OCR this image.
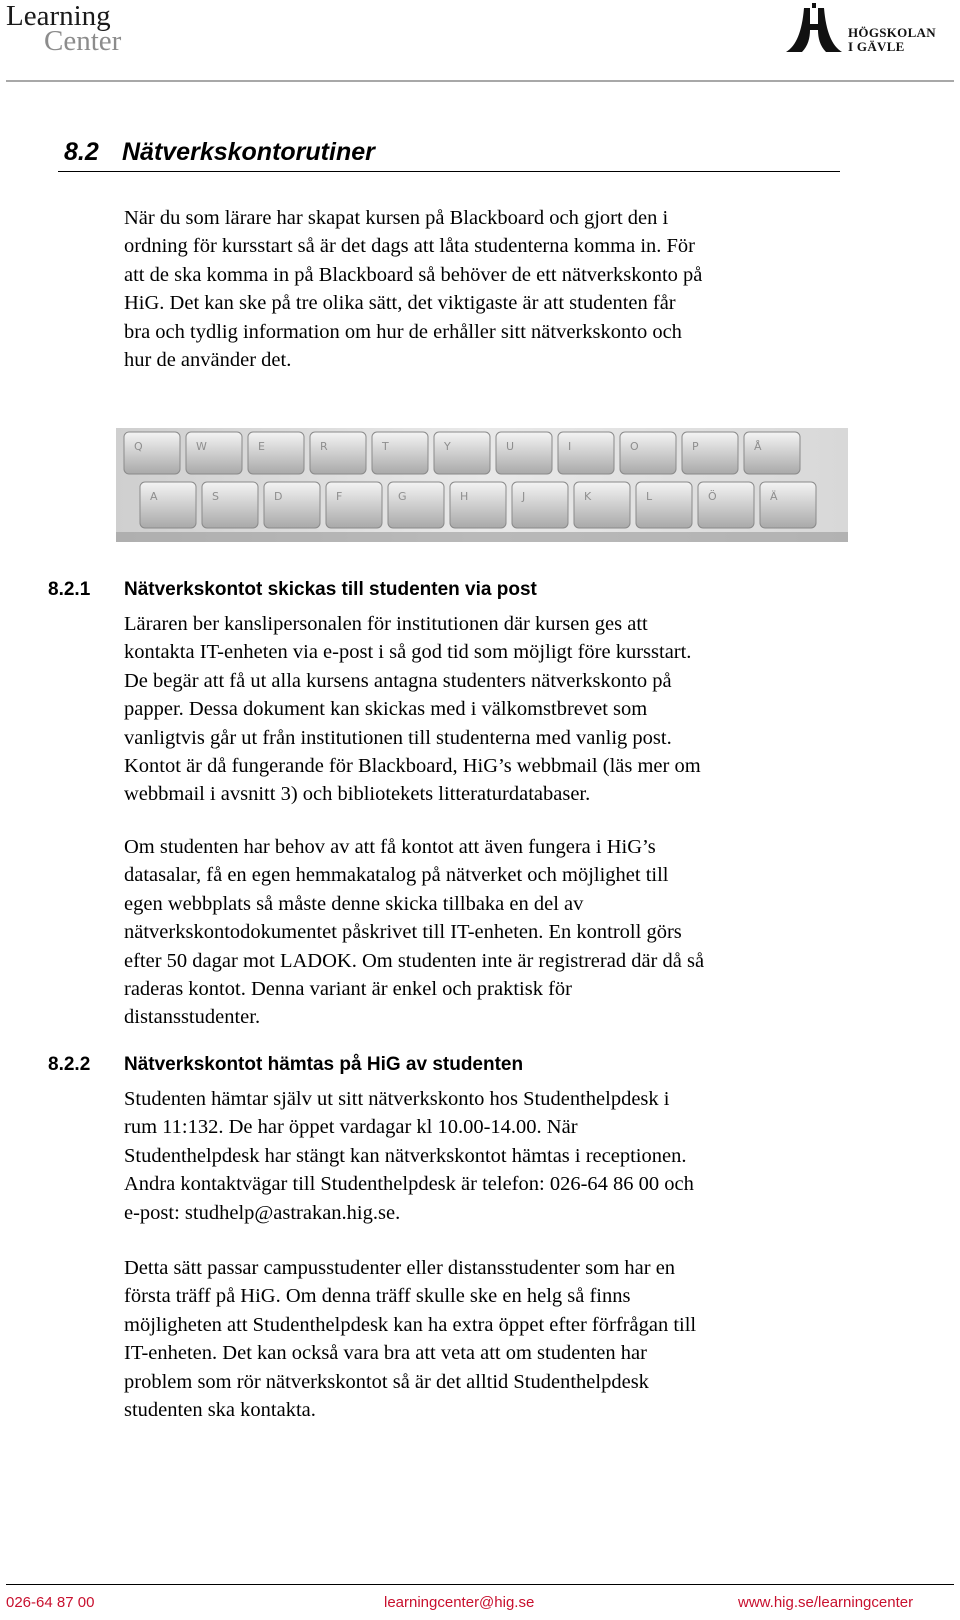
Learning
Center	HÖGSKOLAN
I GÄVLE
8.2 Nätverkskontorutiner
När du som lärare har skapat kursen på Blackboard och gjort den i
ordning för kursstart så är det dags att låta studenterna komma in. För
att de ska komma in på Blackboard så behöver de ett nätverkskonto på
HiG. Det kan ske på tre olika sätt, det viktigaste är att studenten får
bra och tydlig information om hur de erhåller sitt nätverkskonto och
hur de använder det.
Q	W	E	R	T	Y	U	I	O	P	Å
A	S	D	F	G	H	J	K	L	Ö	Ä
8.2.1 Nätverkskontot skickas till studenten via post
Läraren ber kanslipersonalen för institutionen där kursen ges att
kontakta IT-enheten via e-post i så god tid som möjligt före kursstart.
De begär att få ut alla kursens antagna studenters nätverkskonto på
papper. Dessa dokument kan skickas med i välkomstbrevet som
vanligtvis går ut från institutionen till studenterna med vanlig post.
Kontot är då fungerande för Blackboard, HiG’s webbmail (läs mer om
webbmail i avsnitt 3) och bibliotekets litteraturdatabaser.
Om studenten har behov av att få kontot att även fungera i HiG’s
datasalar, få en egen hemmakatalog på nätverket och möjlighet till
egen webbplats så måste denne skicka tillbaka en del av
nätverkskontodokumentet påskrivet till IT-enheten. En kontroll görs
efter 50 dagar mot LADOK. Om studenten inte är registrerad där då så
raderas kontot. Denna variant är enkel och praktisk för
distansstudenter.
8.2.2 Nätverkskontot hämtas på HiG av studenten
Studenten hämtar själv ut sitt nätverkskonto hos Studenthelpdesk i
rum 11:132. De har öppet vardagar kl 10.00-14.00. När
Studenthelpdesk har stängt kan nätverkskontot hämtas i receptionen.
Andra kontaktvägar till Studenthelpdesk är telefon: 026-64 86 00 och
e-post: studhelp@astrakan.hig.se.
Detta sätt passar campusstudenter eller distansstudenter som har en
första träff på HiG. Om denna träff skulle ske en helg så finns
möjligheten att Studenthelpdesk kan ha extra öppet efter förfrågan till
IT-enheten. Det kan också vara bra att veta att om studenten har
problem som rör nätverkskontot så är det alltid Studenthelpdesk
studenten ska kontakta.
026-64 87 00	learningcenter@hig.se	www.hig.se/learningcenter
